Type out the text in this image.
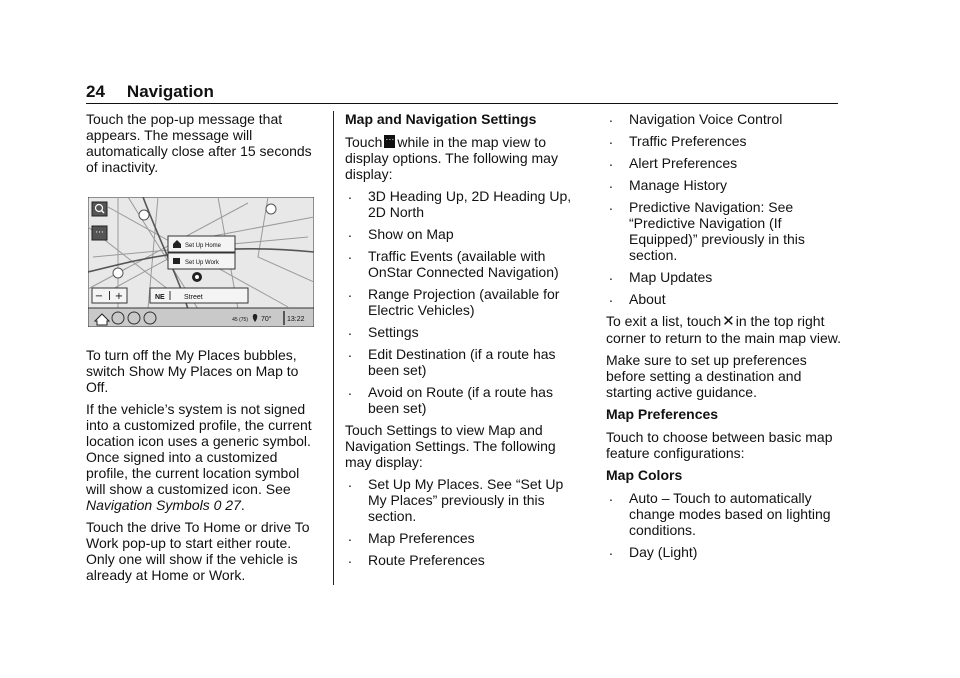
24 Navigation

Touch the pop-up message that appears. The message will automatically close after 15 seconds of inactivity.

···
Set Up Home
Set Up Work
− +	NE	Street
45 (75) 70° 13:22

To turn off the My Places bubbles, switch Show My Places on Map to Off.

If the vehicle’s system is not signed into a customized profile, the current location icon uses a generic symbol. Once signed into a customized profile, the current location symbol will show a customized icon. See Navigation Symbols 0 27.

Touch the drive To Home or drive To Work pop-up to start either route. Only one will show if the vehicle is already at Home or Work.

Map and Navigation Settings

Touch··· while in the map view to display options. The following may display:

. 3D Heading Up, 2D Heading Up, 2D North
. Show on Map
. Traffic Events (available with OnStar Connected Navigation)
. Range Projection (available for Electric Vehicles)
. Settings
. Edit Destination (if a route has been set)
. Avoid on Route (if a route has been set)

Touch Settings to view Map and Navigation Settings. The following may display:

. Set Up My Places. See “Set Up My Places” previously in this section.
. Map Preferences
. Route Preferences
. Navigation Voice Control
. Traffic Preferences
. Alert Preferences
. Manage History
. Predictive Navigation: See “Predictive Navigation (If Equipped)” previously in this section.
. Map Updates
. About

To exit a list, touch✕in the top right corner to return to the main map view.

Make sure to set up preferences before setting a destination and starting active guidance.

Map Preferences

Touch to choose between basic map feature configurations:

Map Colors

. Auto – Touch to automatically change modes based on lighting conditions.
. Day (Light)
